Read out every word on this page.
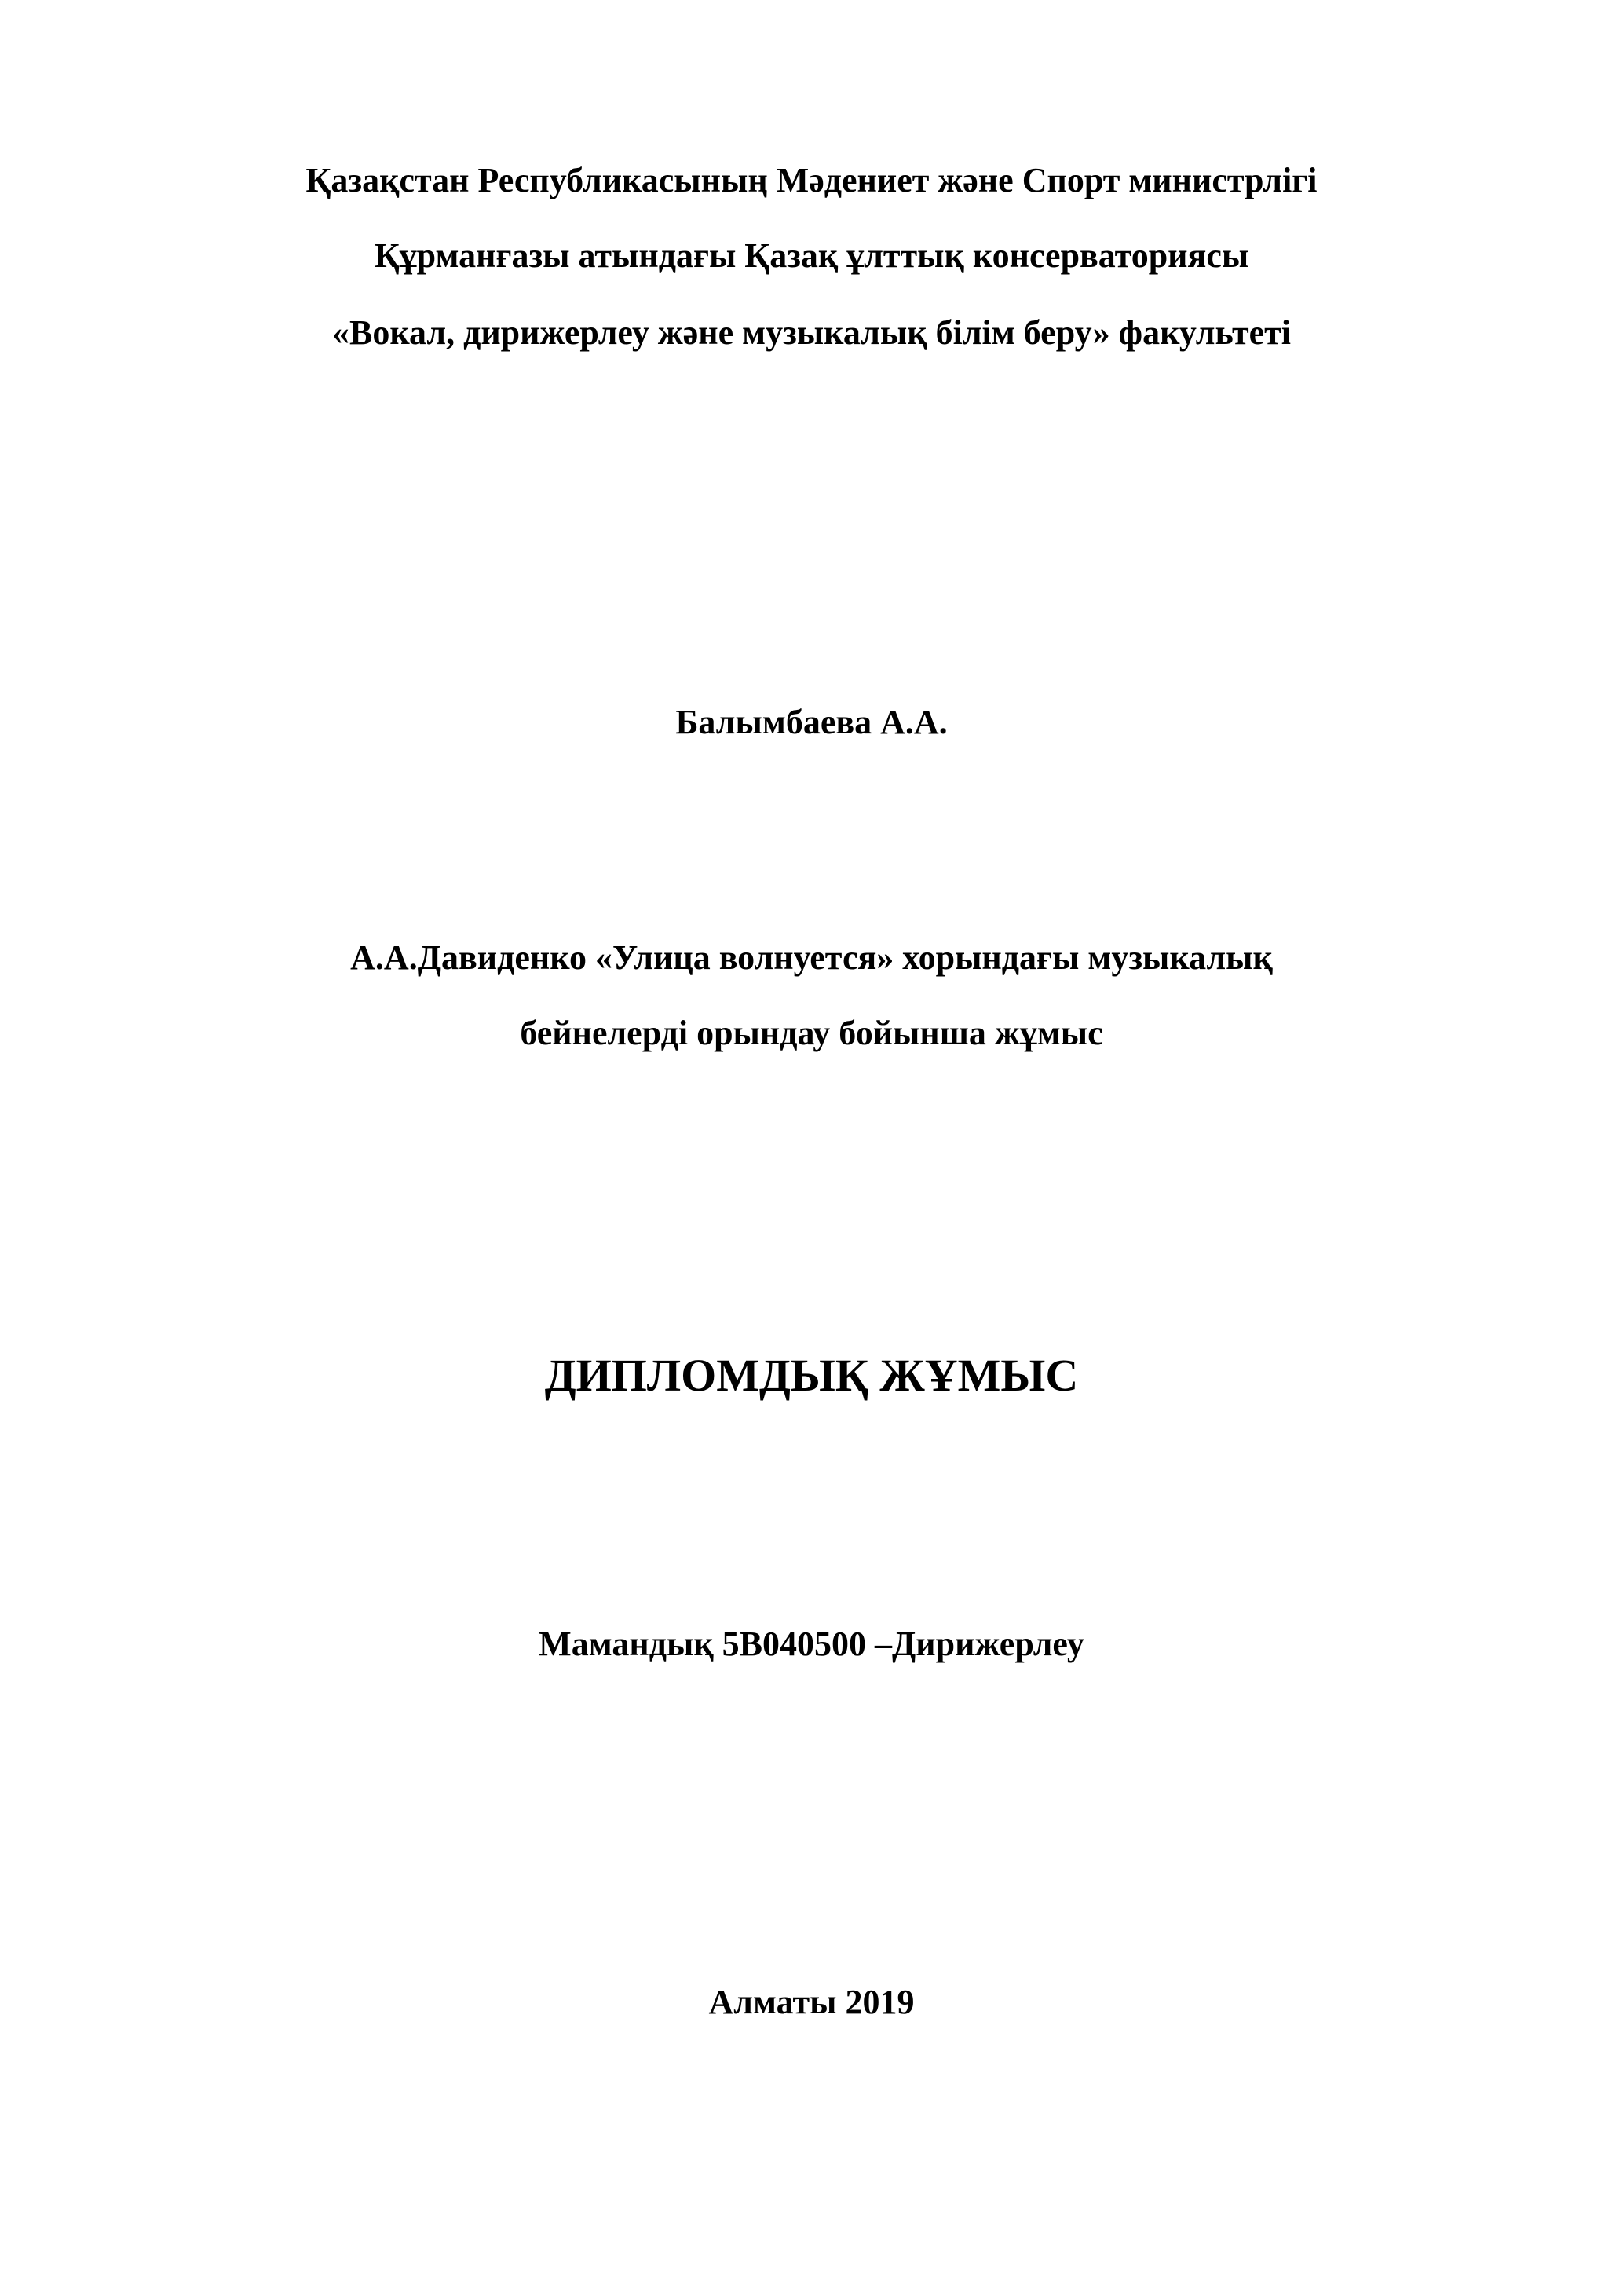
Қазақстан Республикасының Мәдениет және Спорт министрлігі
Құрманғазы атындағы Қазақ ұлттық консерваториясы
«Вокал, дирижерлеу және музыкалық білім беру» факультеті
Балымбаева А.А.
А.А.Давиденко «Улица волнуется» хорындағы музыкалық
бейнелерді орындау бойынша жұмыс
ДИПЛОМДЫҚ ЖҰМЫС
Мамандық 5В040500 –Дирижерлеу
Алматы 2019
